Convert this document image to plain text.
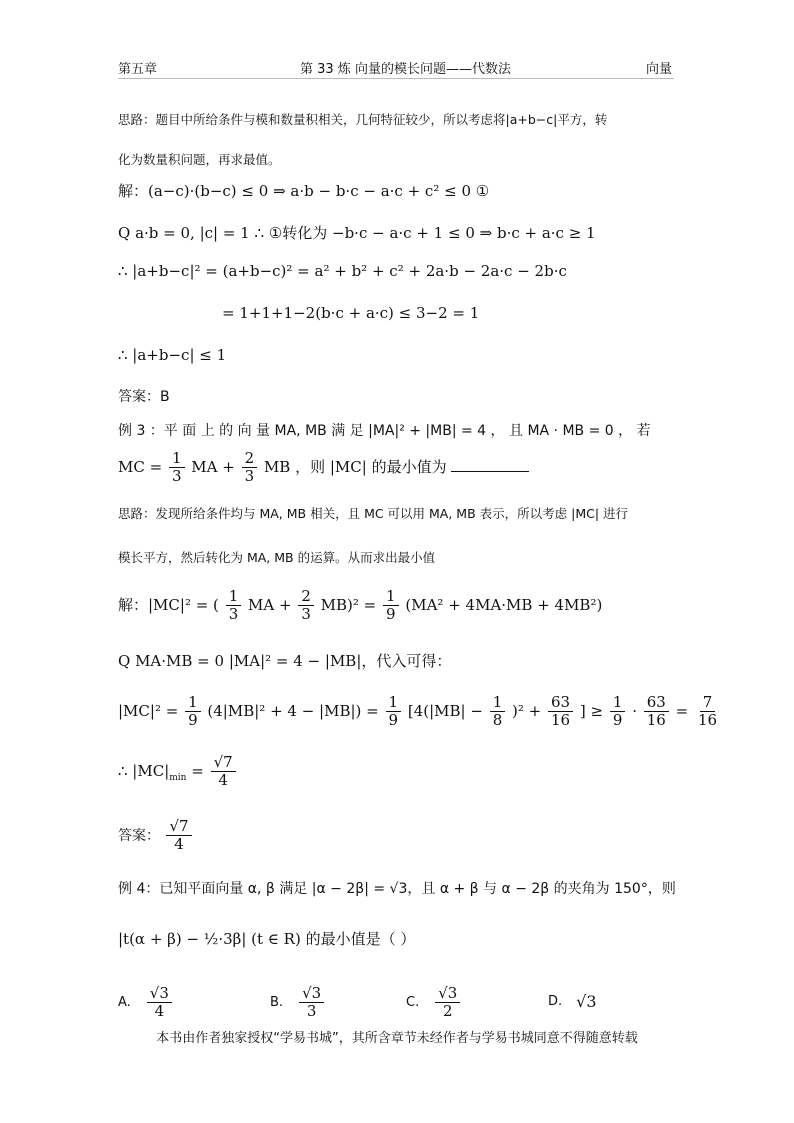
第五章	第 33 炼 向量的模长问题——代数法	向量
思路：题目中所给条件与模和数量积相关，几何特征较少，所以考虑将|a+b−c|平方，转
化为数量积问题，再求最值。
解：(a−c)·(b−c) ≤ 0 ⇒ a·b − b·c − a·c + c² ≤ 0 ①
Q a·b = 0, |c| = 1 ∴ ①转化为 −b·c − a·c + 1 ≤ 0 ⇒ b·c + a·c ≥ 1
∴ |a+b−c|² = (a+b−c)² = a² + b² + c² + 2a·b − 2a·c − 2b·c
= 1+1+1−2(b·c + a·c) ≤ 3−2 = 1
∴ |a+b−c| ≤ 1
答案：B
例 3 ：平 面 上 的 向 量 MA, MB 满 足 |MA|² + |MB| = 4 ， 且 MA · MB = 0 ， 若
MC = $\frac{1}{3}$ MA + $\frac{2}{3}$ MB ，则 |MC| 的最小值为
思路：发现所给条件均与 MA, MB 相关，且 MC 可以用 MA, MB 表示，所以考虑 |MC| 进行
模长平方，然后转化为 MA, MB 的运算。从而求出最小值
解：|MC|² = ( $\frac{1}{3}$ MA + $\frac{2}{3} MB)^2 = \frac{1}{9} (MA^2 + 4MA\cdot MB + 4MB^2)$
Q MA·MB = 0 |MA|² = 4 − |MB|，代入可得：
$|MC|^2 = \frac{1}{9} (4|MB|^2 + 4 - |MB|) = \frac{1}{9} [4(|MB| - \frac{1}{8} )^2 + \frac{63}{16}$ ] ≥ $\frac{1}{9} \cdot \frac{63}{16} = \frac{7}{16}$
∴ $|MC|_{min} = \frac{√7}{4}$
答案： $\frac{√7}{4}$
例 4：已知平面向量 α, β 满足 |α − 2β| = √3，且 α + β 与 α − 2β 的夹角为 150°，则
|t(α + β) − ½·3β| (t ∈ R) 的最小值是（ ）
A. $\frac{√3}{4}$	B. $\frac{√3}{3}$	C. $\frac{√3}{2}$	D. √3
本书由作者独家授权“学易书城”，其所含章节未经作者与学易书城同意不得随意转载
